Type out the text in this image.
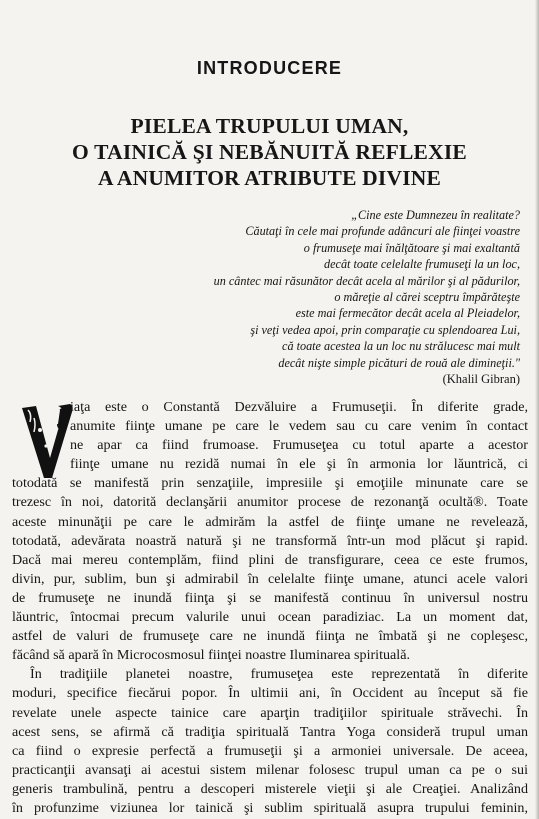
INTRODUCERE
PIELEA TRUPULUI UMAN,
O TAINICĂ ŞI NEBĂNUITĂ REFLEXIE
A ANUMITOR ATRIBUTE DIVINE
„Cine este Dumnezeu în realitate?
Căutaţi în cele mai profunde adâncuri ale fiinţei voastre
o frumuseţe mai înălţătoare şi mai exaltantă
decât toate celelalte frumuseţi la un loc,
un cântec mai răsunător decât acela al mărilor şi al pădurilor,
o măreţie al cărei sceptru împărăteşte
este mai fermecător decât acela al Pleiadelor,
şi veţi vedea apoi, prin comparaţie cu splendoarea Lui,
că toate acestea la un loc nu strălucesc mai mult
decât nişte simple picături de rouă ale dimineţii."
(Khalil Gibran)
iaţa este o Constantă Dezvăluire a Frumuseţii. În diferite grade,
anumite fiinţe umane pe care le vedem sau cu care venim în contact
ne apar ca fiind frumoase. Frumuseţea cu totul aparte a acestor
fiinţe umane nu rezidă numai în ele şi în armonia lor lăuntrică, ci
totodată se manifestă prin senzaţiile, impresiile şi emoţiile minunate care se
trezesc în noi, datorită declanşării anumitor procese de rezonanţă ocultă®. Toate
aceste minunăţii pe care le admirăm la astfel de fiinţe umane ne revelează,
totodată, adevărata noastră natură şi ne transformă într-un mod plăcut şi rapid.
Dacă mai mereu contemplăm, fiind plini de transfigurare, ceea ce este frumos,
divin, pur, sublim, bun şi admirabil în celelalte fiinţe umane, atunci acele valori
de frumuseţe ne inundă fiinţa şi se manifestă continuu în universul nostru
lăuntric, întocmai precum valurile unui ocean paradiziac. La un moment dat,
astfel de valuri de frumuseţe care ne inundă fiinţa ne îmbată şi ne copleşesc,
făcând să apară în Microcosmosul fiinţei noastre Iluminarea spirituală.
În tradiţiile planetei noastre, frumuseţea este reprezentată în diferite
moduri, specifice fiecărui popor. În ultimii ani, în Occident au început să fie
revelate unele aspecte tainice care aparţin tradiţiilor spirituale străvechi. În
acest sens, se afirmă că tradiţia spirituală Tantra Yoga consideră trupul uman
ca fiind o expresie perfectă a frumuseţii şi a armoniei universale. De aceea,
practicanţii avansaţi ai acestui sistem milenar folosesc trupul uman ca pe o sui
generis trambulină, pentru a descoperi misterele vieţii şi ale Creaţiei. Analizând
în profunzime viziunea lor tainică şi sublim spirituală asupra trupului feminin,
